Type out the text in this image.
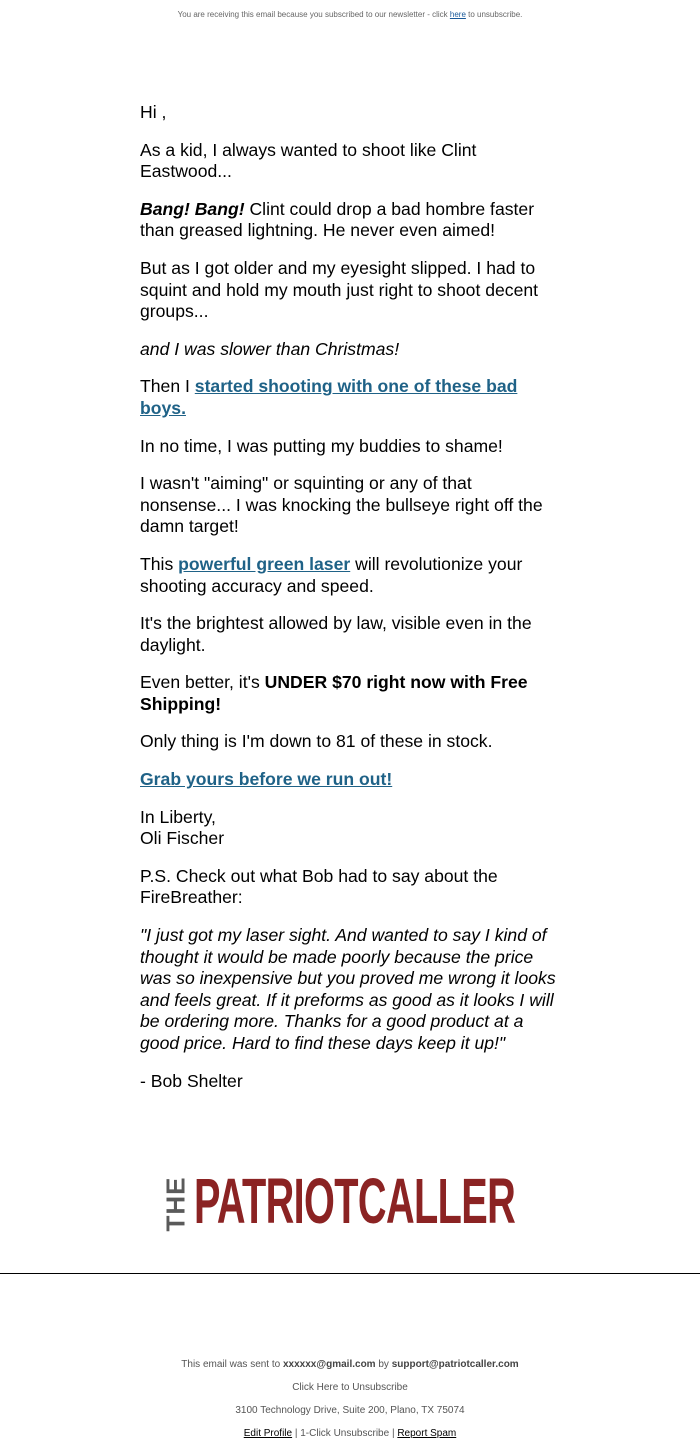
You are receiving this email because you subscribed to our newsletter - click here to unsubscribe.

Hi ,

As a kid, I always wanted to shoot like Clint Eastwood...

Bang! Bang! Clint could drop a bad hombre faster than greased lightning. He never even aimed!

But as I got older and my eyesight slipped. I had to squint and hold my mouth just right to shoot decent groups...

and I was slower than Christmas!

Then I started shooting with one of these bad boys.

In no time, I was putting my buddies to shame!

I wasn't "aiming" or squinting or any of that nonsense... I was knocking the bullseye right off the damn target!

This powerful green laser will revolutionize your shooting accuracy and speed.

It's the brightest allowed by law, visible even in the daylight.

Even better, it's UNDER $70 right now with Free Shipping!

Only thing is I'm down to 81 of these in stock.

Grab yours before we run out!

In Liberty,
Oli Fischer

P.S. Check out what Bob had to say about the FireBreather:

"I just got my laser sight. And wanted to say I kind of thought it would be made poorly because the price was so inexpensive but you proved me wrong it looks and feels great. If it preforms as good as it looks I will be ordering more. Thanks for a good product at a good price. Hard to find these days keep it up!"

- Bob Shelter

THE PATRIOTCALLER
This email was sent to xxxxxx@gmail.com by support@patriotcaller.com
Click Here to Unsubscribe
3100 Technology Drive, Suite 200, Plano, TX 75074
Edit Profile | 1-Click Unsubscribe | Report Spam
